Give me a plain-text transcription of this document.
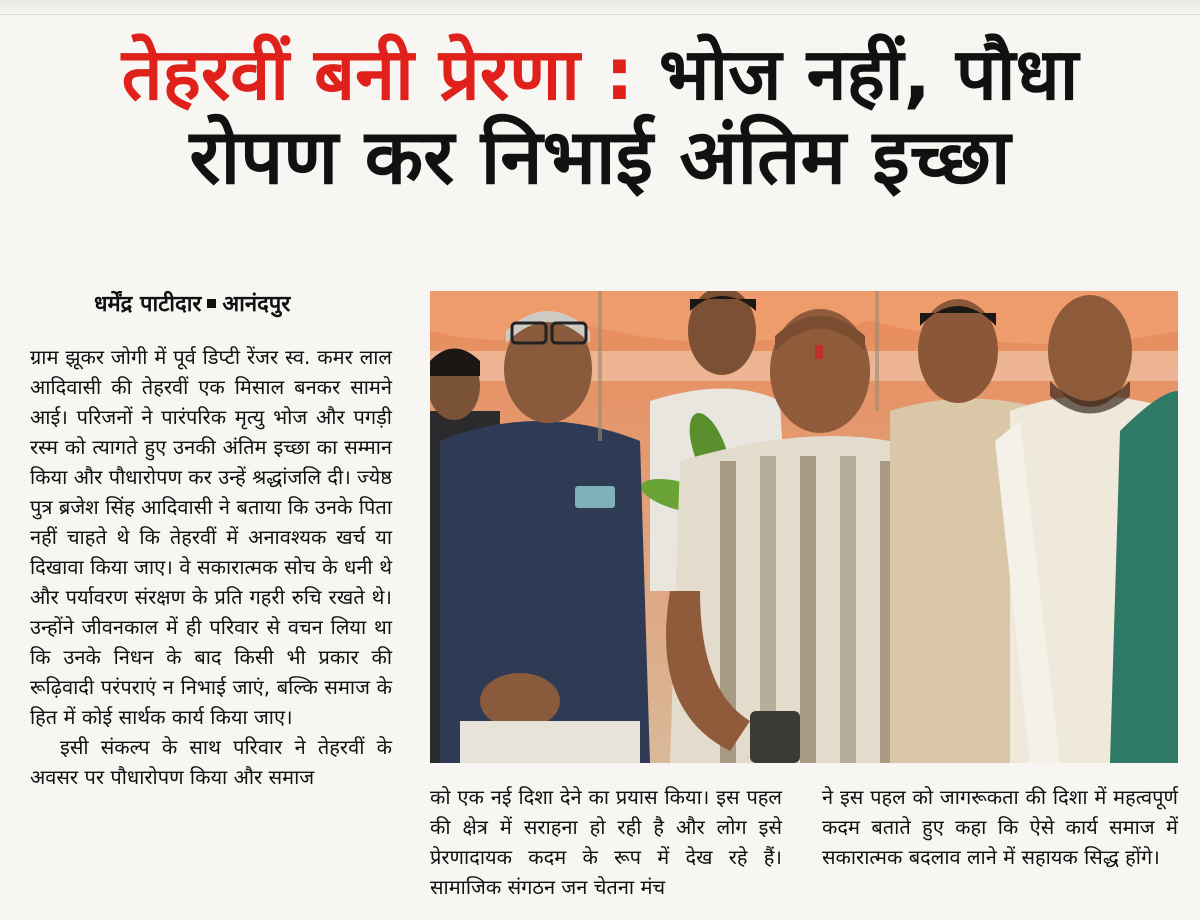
तेहरवीं बनी प्रेरणा : भोज नहीं, पौधा
रोपण कर निभाई अंतिम इच्छा
धर्मेंद्र पाटीदार आनंदपुर

ग्राम झूकर जोगी में पूर्व डिप्टी रेंजर स्व. कमर लाल आदिवासी की तेहरवीं एक मिसाल बनकर सामने आई। परिजनों ने पारंपरिक मृत्यु भोज और पगड़ी रस्म को त्यागते हुए उनकी अंतिम इच्छा का सम्मान किया और पौधारोपण कर उन्हें श्रद्धांजलि दी। ज्येष्ठ पुत्र ब्रजेश सिंह आदिवासी ने बताया कि उनके पिता नहीं चाहते थे कि तेहरवीं में अनावश्यक खर्च या दिखावा किया जाए। वे सकारात्मक सोच के धनी थे और पर्यावरण संरक्षण के प्रति गहरी रुचि रखते थे। उन्होंने जीवनकाल में ही परिवार से वचन लिया था कि उनके निधन के बाद किसी भी प्रकार की रूढ़िवादी परंपराएं न निभाई जाएं, बल्कि समाज के हित में कोई सार्थक कार्य किया जाए।

इसी संकल्प के साथ परिवार ने तेहरवीं के अवसर पर पौधारोपण किया और समाज

को एक नई दिशा देने का प्रयास किया। इस पहल की क्षेत्र में सराहना हो रही है और लोग इसे प्रेरणादायक कदम के रूप में देख रहे हैं। सामाजिक संगठन जन चेतना मंच

ने इस पहल को जागरूकता की दिशा में महत्वपूर्ण कदम बताते हुए कहा कि ऐसे कार्य समाज में सकारात्मक बदलाव लाने में सहायक सिद्ध होंगे।
